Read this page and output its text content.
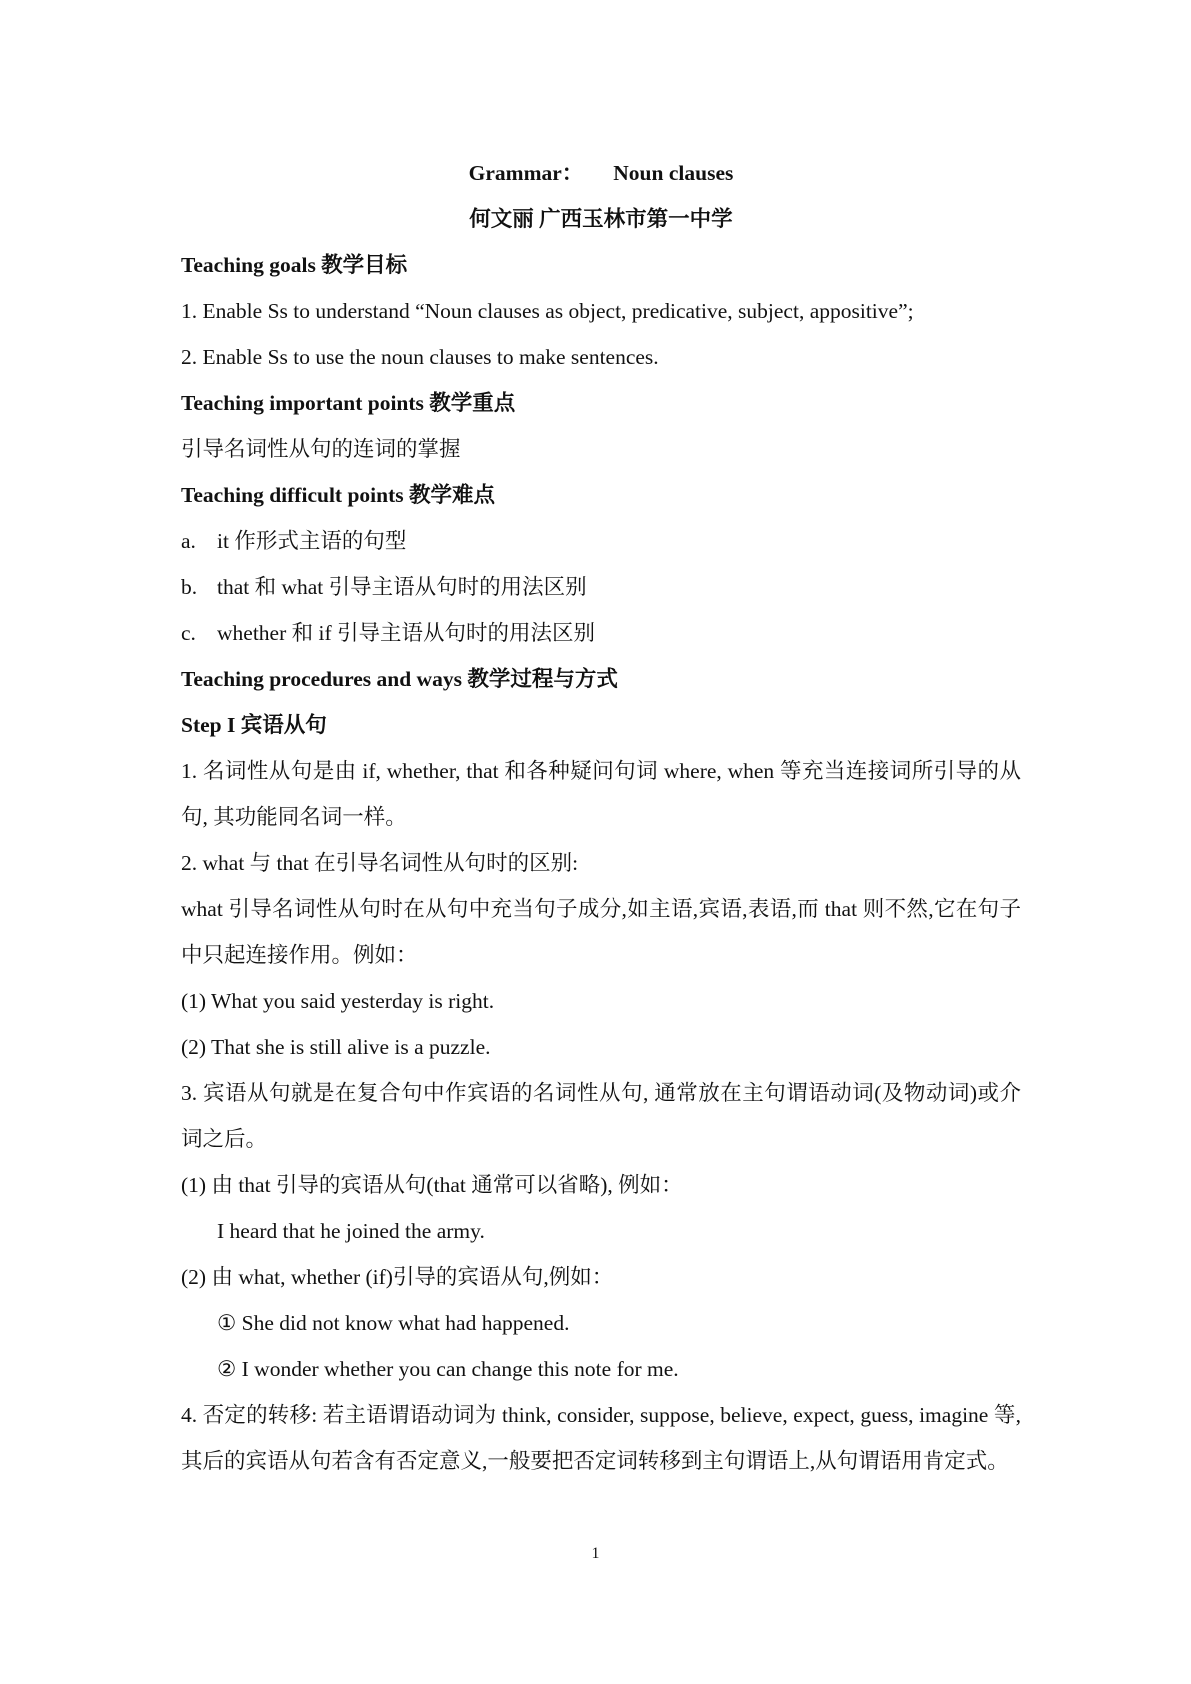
Grammar： Noun clauses
何文丽 广西玉林市第一中学
Teaching goals 教学目标
1. Enable Ss to understand “Noun clauses as object, predicative, subject, appositive”;
2. Enable Ss to use the noun clauses to make sentences.
Teaching important points 教学重点
引导名词性从句的连词的掌握
Teaching difficult points 教学难点
a. it 作形式主语的句型
b. that 和 what 引导主语从句时的用法区别
c. whether 和 if 引导主语从句时的用法区别
Teaching procedures and ways 教学过程与方式
Step I 宾语从句
1. 名词性从句是由 if, whether, that 和各种疑问句词 where, when 等充当连接词所引导的从句, 其功能同名词一样。
2. what 与 that 在引导名词性从句时的区别:
what 引导名词性从句时在从句中充当句子成分,如主语,宾语,表语,而 that 则不然,它在句子中只起连接作用。例如：
(1) What you said yesterday is right.
(2) That she is still alive is a puzzle.
3. 宾语从句就是在复合句中作宾语的名词性从句, 通常放在主句谓语动词(及物动词)或介词之后。
(1) 由 that 引导的宾语从句(that 通常可以省略), 例如：
I heard that he joined the army.
(2) 由 what, whether (if)引导的宾语从句,例如：
① She did not know what had happened.
② I wonder whether you can change this note for me.
4. 否定的转移: 若主语谓语动词为 think, consider, suppose, believe, expect, guess, imagine 等,其后的宾语从句若含有否定意义,一般要把否定词转移到主句谓语上,从句谓语用肯定式。
1
